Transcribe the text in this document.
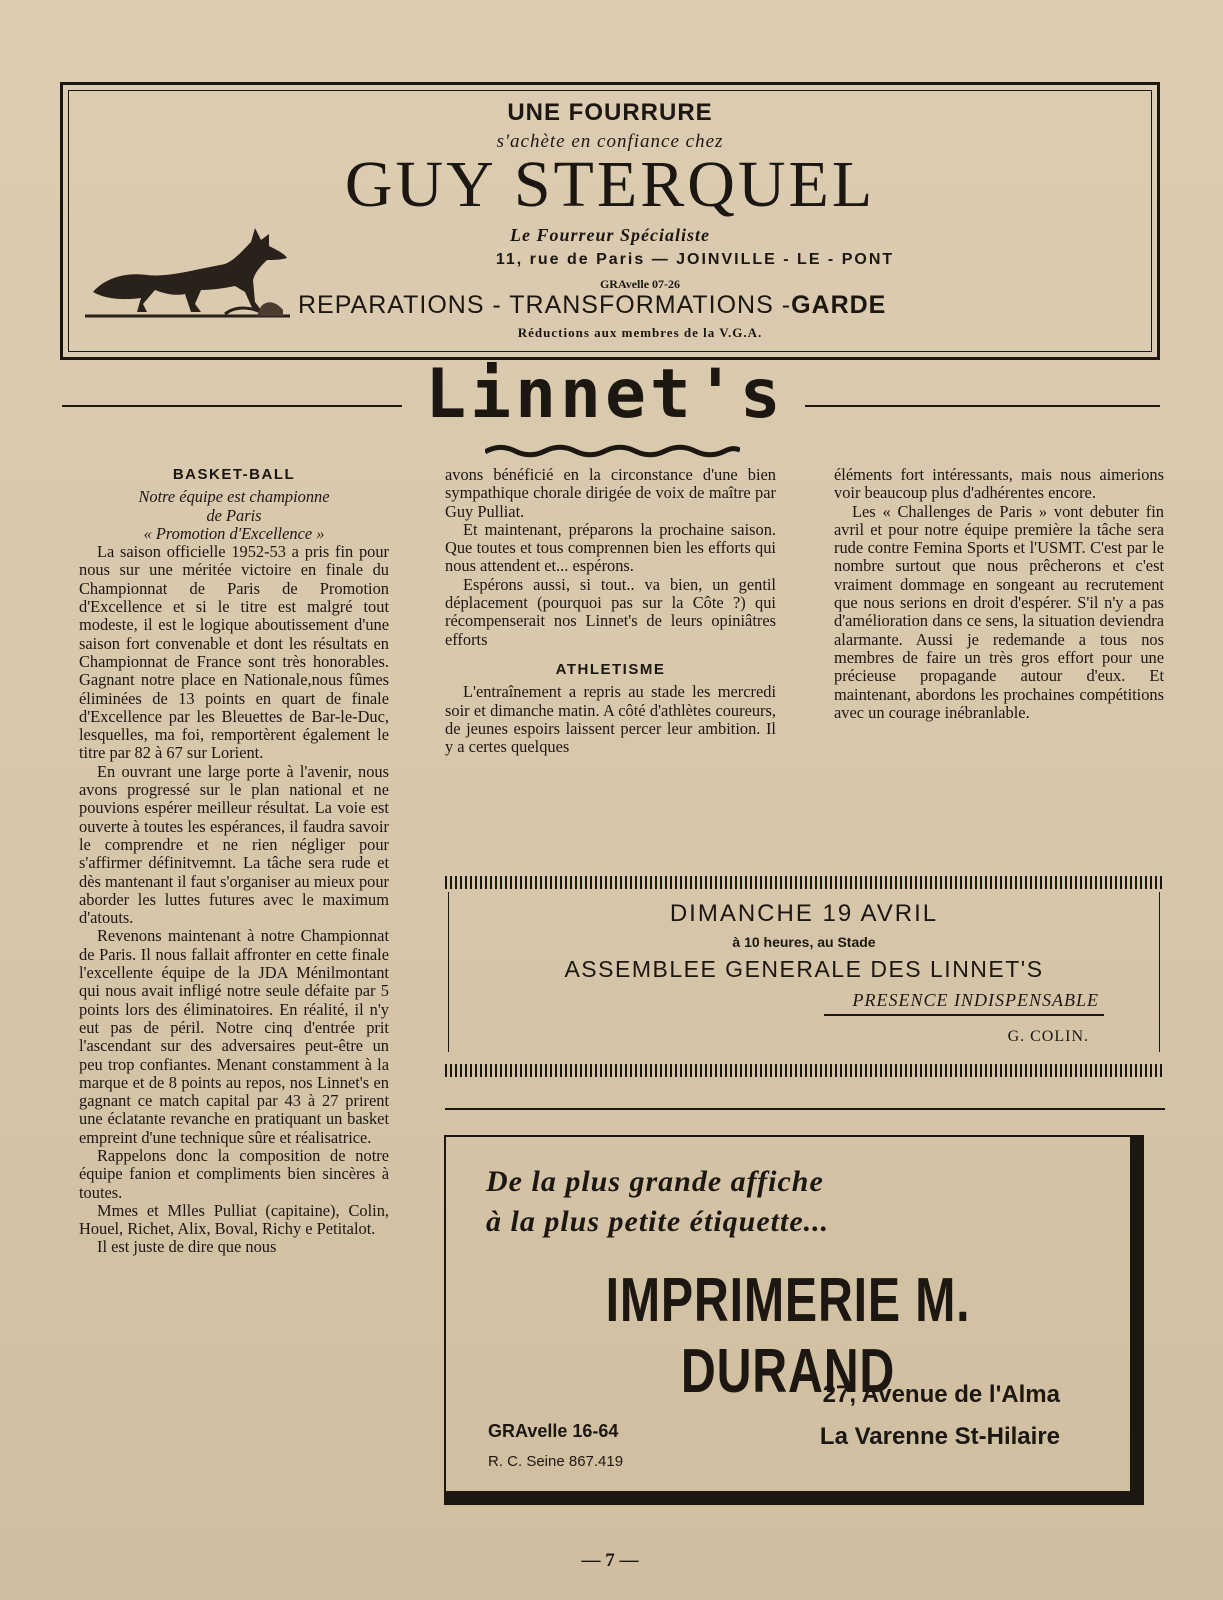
UNE FOURRURE
s'achète en confiance chez
GUY STERQUEL
Le Fourreur Spécialiste
11, rue de Paris — JOINVILLE - LE - PONT
GRAvelle 07-26
REPARATIONS - TRANSFORMATIONS -GARDE
Réductions aux membres de la V.G.A.
Linnet's
BASKET-BALL
Notre équipe est championne
de Paris
« Promotion d'Excellence »

La saison officielle 1952-53 a pris fin pour nous sur une méritée victoire en finale du Championnat de Paris de Promotion d'Excellence et si le titre est malgré tout modeste, il est le logique aboutissement d'une saison fort convenable et dont les résultats en Championnat de France sont très honorables. Gagnant notre place en Nationale,nous fûmes éliminées de 13 points en quart de finale d'Excellence par les Bleuettes de Bar-le-Duc, lesquelles, ma foi, remportèrent également le titre par 82 à 67 sur Lorient.

En ouvrant une large porte à l'avenir, nous avons progressé sur le plan national et ne pouvions espérer meilleur résultat. La voie est ouverte à toutes les espérances, il faudra savoir le comprendre et ne rien négliger pour s'affirmer définitvemnt. La tâche sera rude et dès mantenant il faut s'organiser au mieux pour aborder les luttes futures avec le maximum d'atouts.

Revenons maintenant à notre Championnat de Paris. Il nous fallait affronter en cette finale l'excellente équipe de la JDA Ménilmontant qui nous avait infligé notre seule défaite par 5 points lors des éliminatoires. En réalité, il n'y eut pas de péril. Notre cinq d'entrée prit l'ascendant sur des adversaires peut-être un peu trop confiantes. Menant constamment à la marque et de 8 points au repos, nos Linnet's en gagnant ce match capital par 43 à 27 prirent une éclatante revanche en pratiquant un basket empreint d'une technique sûre et réalisatrice.

Rappelons donc la composition de notre équipe fanion et compliments bien sincères à toutes.

Mmes et Mlles Pulliat (capitaine), Colin, Houel, Richet, Alix, Boval, Richy e Petitalot.

Il est juste de dire que nous

avons bénéficié en la circonstance d'une bien sympathique chorale dirigée de voix de maître par Guy Pulliat.

Et maintenant, préparons la prochaine saison. Que toutes et tous comprennen bien les efforts qui nous attendent et... espérons.

Espérons aussi, si tout.. va bien, un gentil déplacement (pourquoi pas sur la Côte ?) qui récompenserait nos Linnet's de leurs opiniâtres efforts

ATHLETISME

L'entraînement a repris au stade les mercredi soir et dimanche matin. A côté d'athlètes coureurs, de jeunes espoirs laissent percer leur ambition. Il y a certes quelques

éléments fort intéressants, mais nous aimerions voir beaucoup plus d'adhérentes encore.

Les « Challenges de Paris » vont debuter fin avril et pour notre équipe première la tâche sera rude contre Femina Sports et l'USMT. C'est par le nombre surtout que nous prêcherons et c'est vraiment dommage en songeant au recrutement que nous serions en droit d'espérer. S'il n'y a pas d'amélioration dans ce sens, la situation deviendra alarmante. Aussi je redemande a tous nos membres de faire un très gros effort pour une précieuse propagande autour d'eux. Et maintenant, abordons les prochaines compétitions avec un courage inébranlable.

DIMANCHE 19 AVRIL
à 10 heures, au Stade
ASSEMBLEE GENERALE DES LINNET'S
PRESENCE INDISPENSABLE
G. COLIN.
De la plus grande affiche
à la plus petite étiquette...
IMPRIMERIE M. DURAND
GRAvelle 16-64
R. C. Seine 867.419
27, Avenue de l'Alma
La Varenne St-Hilaire
— 7 —
